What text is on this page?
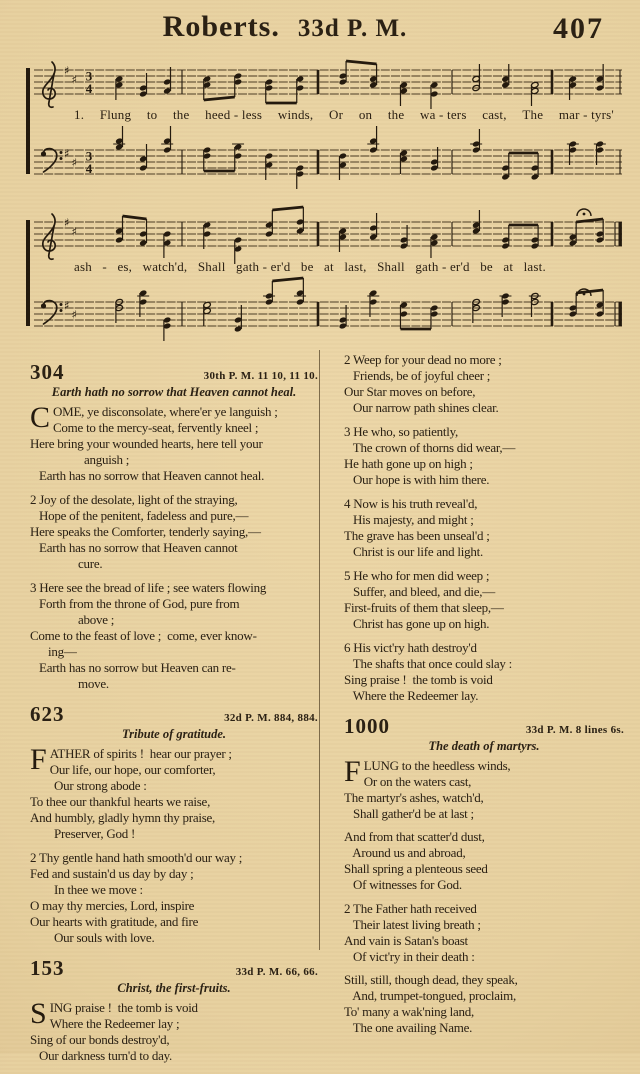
Roberts. 33d P. M.	407
♯
♯ 3
4
1. Flung to the heed - less winds, Or on the wa - ters cast, The mar - tyrs'
♯
♯ 3
4
♯
♯
ash - es, watch'd, Shall gath - er'd be at last, Shall gath - er'd be at last.
♯
♯
304	30th P. M. 11 10, 11 10.
Earth hath no sorrow that Heaven cannot heal.
C OME, ye disconsolate, where'er ye languish ;
Come to the mercy-seat, fervently kneel ;
Here bring your wounded hearts, here tell your
anguish ;
Earth has no sorrow that Heaven cannot heal.
2 Joy of the desolate, light of the straying,
Hope of the penitent, fadeless and pure,—
Here speaks the Comforter, tenderly saying,—
Earth has no sorrow that Heaven cannot
cure.
3 Here see the bread of life ; see waters flowing
Forth from the throne of God, pure from
above ;
Come to the feast of love ;  come, ever know-
ing—
Earth has no sorrow but Heaven can re-
move.
623	32d P. M. 884, 884.
Tribute of gratitude.
F ATHER of spirits !  hear our prayer ;
Our life, our hope, our comforter,
Our strong abode :
To thee our thankful hearts we raise,
And humbly, gladly hymn thy praise,
Preserver, God !
2 Thy gentle hand hath smooth'd our way ;
Fed and sustain'd us day by day ;
In thee we move :
O may thy mercies, Lord, inspire
Our hearts with gratitude, and fire
Our souls with love.
153	33d P. M. 66, 66.
Christ, the first-fruits.
S ING praise !  the tomb is void
Where the Redeemer lay ;
Sing of our bonds destroy'd,
Our darkness turn'd to day.
2 Weep for your dead no more ;
Friends, be of joyful cheer ;
Our Star moves on before,
Our narrow path shines clear.
3 He who, so patiently,
The crown of thorns did wear,—
He hath gone up on high ;
Our hope is with him there.
4 Now is his truth reveal'd,
His majesty, and might ;
The grave has been unseal'd ;
Christ is our life and light.
5 He who for men did weep ;
Suffer, and bleed, and die,—
First-fruits of them that sleep,—
Christ has gone up on high.
6 His vict'ry hath destroy'd
The shafts that once could slay :
Sing praise !  the tomb is void
Where the Redeemer lay.
1000	33d P. M. 8 lines 6s.
The death of martyrs.
F LUNG to the heedless winds,
Or on the waters cast,
The martyr's ashes, watch'd,
Shall gather'd be at last ;
And from that scatter'd dust,
Around us and abroad,
Shall spring a plenteous seed
Of witnesses for God.
2 The Father hath received
Their latest living breath ;
And vain is Satan's boast
Of vict'ry in their death :
Still, still, though dead, they speak,
And, trumpet-tongued, proclaim,
To' many a wak'ning land,
The one availing Name.
